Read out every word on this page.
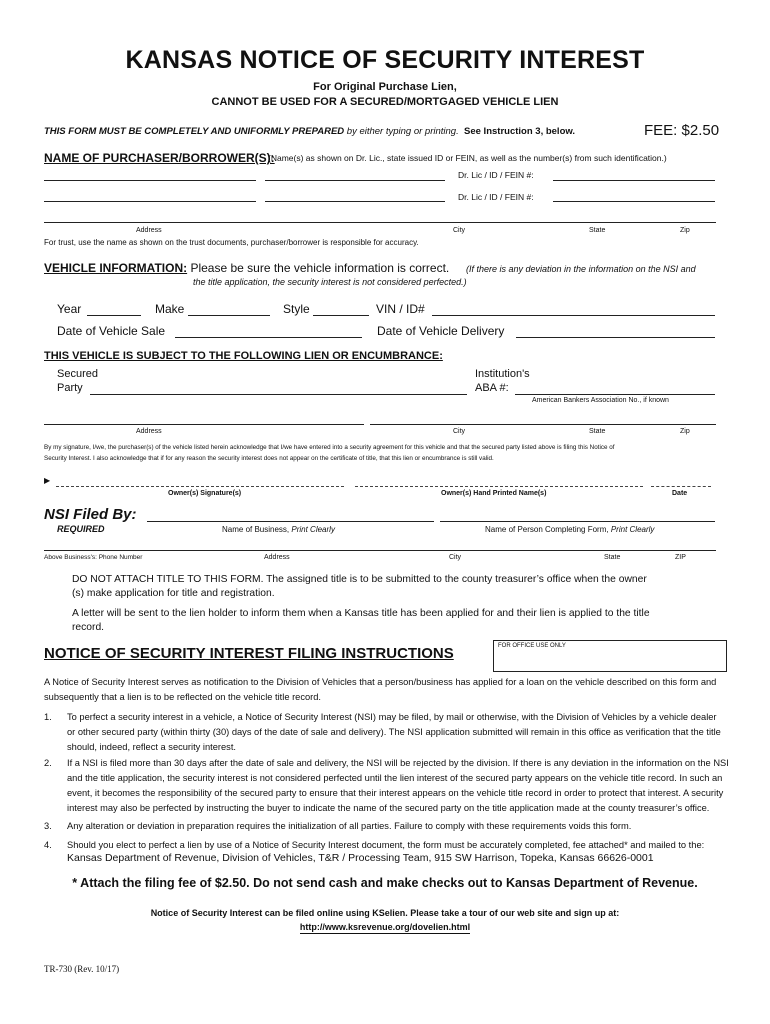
KANSAS NOTICE OF SECURITY INTEREST
For Original Purchase Lien,
CANNOT BE USED FOR A SECURED/MORTGAGED VEHICLE LIEN
THIS FORM MUST BE COMPLETELY AND UNIFORMLY PREPARED by either typing or printing. See Instruction 3, below.	FEE: $2.50
NAME OF PURCHASER/BORROWER(S):
(Name(s) as shown on Dr. Lic., state issued ID or FEIN, as well as the number(s) from such identification.)
Dr. Lic / ID / FEIN #:
Dr. Lic / ID / FEIN #:
Address	City	State	Zip
For trust, use the name as shown on the trust documents, purchaser/borrower is responsible for accuracy.
VEHICLE INFORMATION: Please be sure the vehicle information is correct. (If there is any deviation in the information on the NSI and
the title application, the security interest is not considered perfected.)
Year	Make	Style	VIN / ID#
Date of Vehicle Sale	Date of Vehicle Delivery
THIS VEHICLE IS SUBJECT TO THE FOLLOWING LIEN OR ENCUMBRANCE:
Secured
Party
Institution's
ABA #:
American Bankers Association No., if known
Address	City	State	Zip
By my signature, I/we, the purchaser(s) of the vehicle listed herein acknowledge that I/we have entered into a security agreement for this vehicle and that the secured party listed above is filing this Notice of
Security Interest. I also acknowledge that if for any reason the security interest does not appear on the certificate of title, that this lien or encumbrance is still valid.
▶
Owner(s) Signature(s)	Owner(s) Hand Printed Name(s)	Date
NSI Filed By:
REQUIRED	Name of Business, Print Clearly	Name of Person Completing Form, Print Clearly
Above Business's: Phone Number	Address	City	State	ZIP
DO NOT ATTACH TITLE TO THIS FORM. The assigned title is to be submitted to the county treasurer’s office when the owner
(s) make application for title and registration.
A letter will be sent to the lien holder to inform them when a Kansas title has been applied for and their lien is applied to the title
record.
NOTICE OF SECURITY INTEREST FILING INSTRUCTIONS	FOR OFFICE USE ONLY
A Notice of Security Interest serves as notification to the Division of Vehicles that a person/business has applied for a loan on the vehicle described on this form and
subsequently that a lien is to be reflected on the vehicle title record.
1. To perfect a security interest in a vehicle, a Notice of Security Interest (NSI) may be filed, by mail or otherwise, with the Division of Vehicles by a vehicle dealer
or other secured party (within thirty (30) days of the date of sale and delivery). The NSI application submitted will remain in this office as verification that the title
should, indeed, reflect a security interest.
2. If a NSI is filed more than 30 days after the date of sale and delivery, the NSI will be rejected by the division. If there is any deviation in the information on the NSI
and the title application, the security interest is not considered perfected until the lien interest of the secured party appears on the vehicle title record. In such an
event, it becomes the responsibility of the secured party to ensure that their interest appears on the vehicle title record in order to protect that interest. A security
interest may also be perfected by instructing the buyer to indicate the name of the secured party on the title application made at the county treasurer’s office.
3. Any alteration or deviation in preparation requires the initialization of all parties. Failure to comply with these requirements voids this form.
4. Should you elect to perfect a lien by use of a Notice of Security Interest document, the form must be accurately completed, fee attached* and mailed to the:
Kansas Department of Revenue, Division of Vehicles, T&R / Processing Team, 915 SW Harrison, Topeka, Kansas 66626-0001
* Attach the filing fee of $2.50. Do not send cash and make checks out to Kansas Department of Revenue.
Notice of Security Interest can be filed online using KSelien. Please take a tour of our web site and sign up at:
http://www.ksrevenue.org/dovelien.html
TR-730 (Rev. 10/17)
